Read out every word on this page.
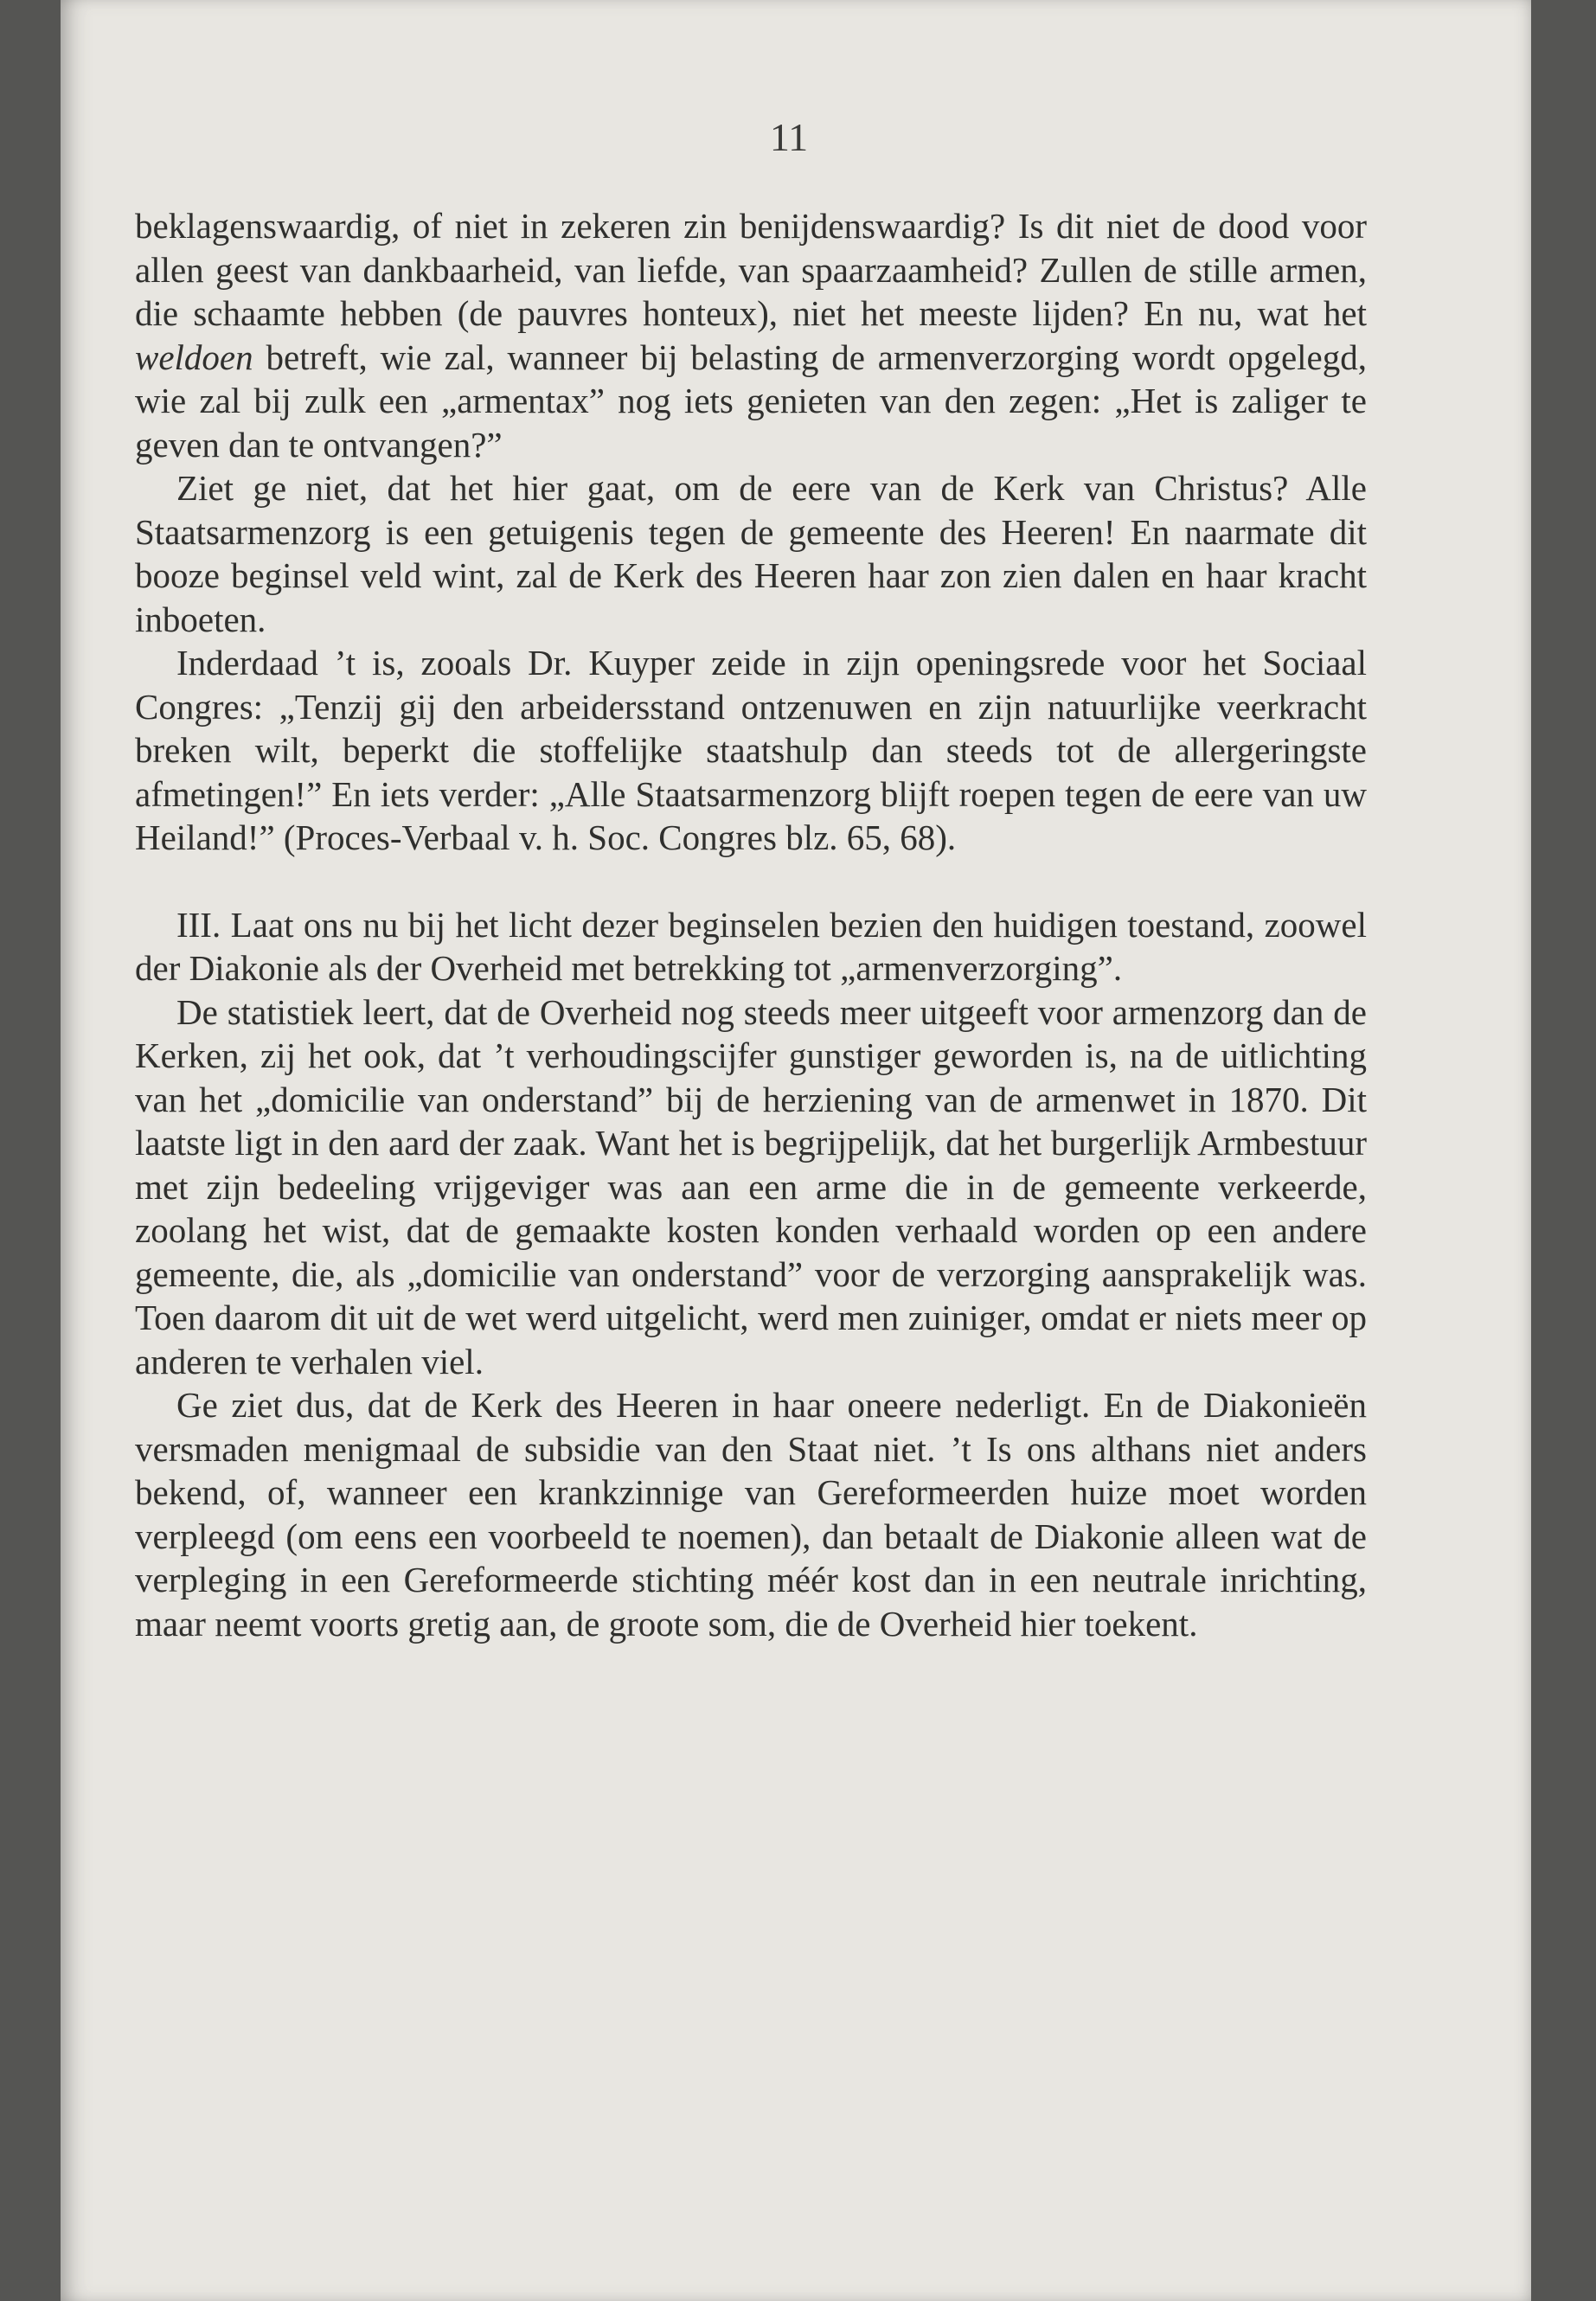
11

beklagenswaardig, of niet in zekeren zin benijdenswaardig? Is dit niet de dood voor allen geest van dankbaarheid, van liefde, van spaarzaamheid? Zullen de stille armen, die schaamte hebben (de pauvres honteux), niet het meeste lijden? En nu, wat het weldoen betreft, wie zal, wanneer bij belasting de armenverzorging wordt opgelegd, wie zal bij zulk een „armentax” nog iets genieten van den zegen: „Het is zaliger te geven dan te ontvangen?”

Ziet ge niet, dat het hier gaat, om de eere van de Kerk van Christus? Alle Staatsarmenzorg is een getuigenis tegen de gemeente des Heeren! En naarmate dit booze beginsel veld wint, zal de Kerk des Heeren haar zon zien dalen en haar kracht inboeten.

Inderdaad ’t is, zooals Dr. Kuyper zeide in zijn openingsrede voor het Sociaal Congres: „Tenzij gij den arbeidersstand ontzenuwen en zijn natuurlijke veerkracht breken wilt, beperkt die stoffelijke staatshulp dan steeds tot de allergeringste afmetingen!” En iets verder: „Alle Staatsarmenzorg blijft roepen tegen de eere van uw Heiland!” (Proces-Verbaal v. h. Soc. Congres blz. 65, 68).

III. Laat ons nu bij het licht dezer beginselen bezien den huidigen toestand, zoowel der Diakonie als der Overheid met betrekking tot „armenverzorging”.

De statistiek leert, dat de Overheid nog steeds meer uitgeeft voor armenzorg dan de Kerken, zij het ook, dat ’t verhoudingscijfer gunstiger geworden is, na de uitlichting van het „domicilie van onderstand” bij de herziening van de armenwet in 1870. Dit laatste ligt in den aard der zaak. Want het is begrijpelijk, dat het burgerlijk Armbestuur met zijn bedeeling vrijgeviger was aan een arme die in de gemeente verkeerde, zoolang het wist, dat de gemaakte kosten konden verhaald worden op een andere gemeente, die, als „domicilie van onderstand” voor de verzorging aansprakelijk was. Toen daarom dit uit de wet werd uitgelicht, werd men zuiniger, omdat er niets meer op anderen te verhalen viel.

Ge ziet dus, dat de Kerk des Heeren in haar oneere nederligt. En de Diakonieën versmaden menigmaal de subsidie van den Staat niet. ’t Is ons althans niet anders bekend, of, wanneer een krankzinnige van Gereformeerden huize moet worden verpleegd (om eens een voorbeeld te noemen), dan betaalt de Diakonie alleen wat de verpleging in een Gereformeerde stichting méér kost dan in een neutrale inrichting, maar neemt voorts gretig aan, de groote som, die de Overheid hier toekent.
